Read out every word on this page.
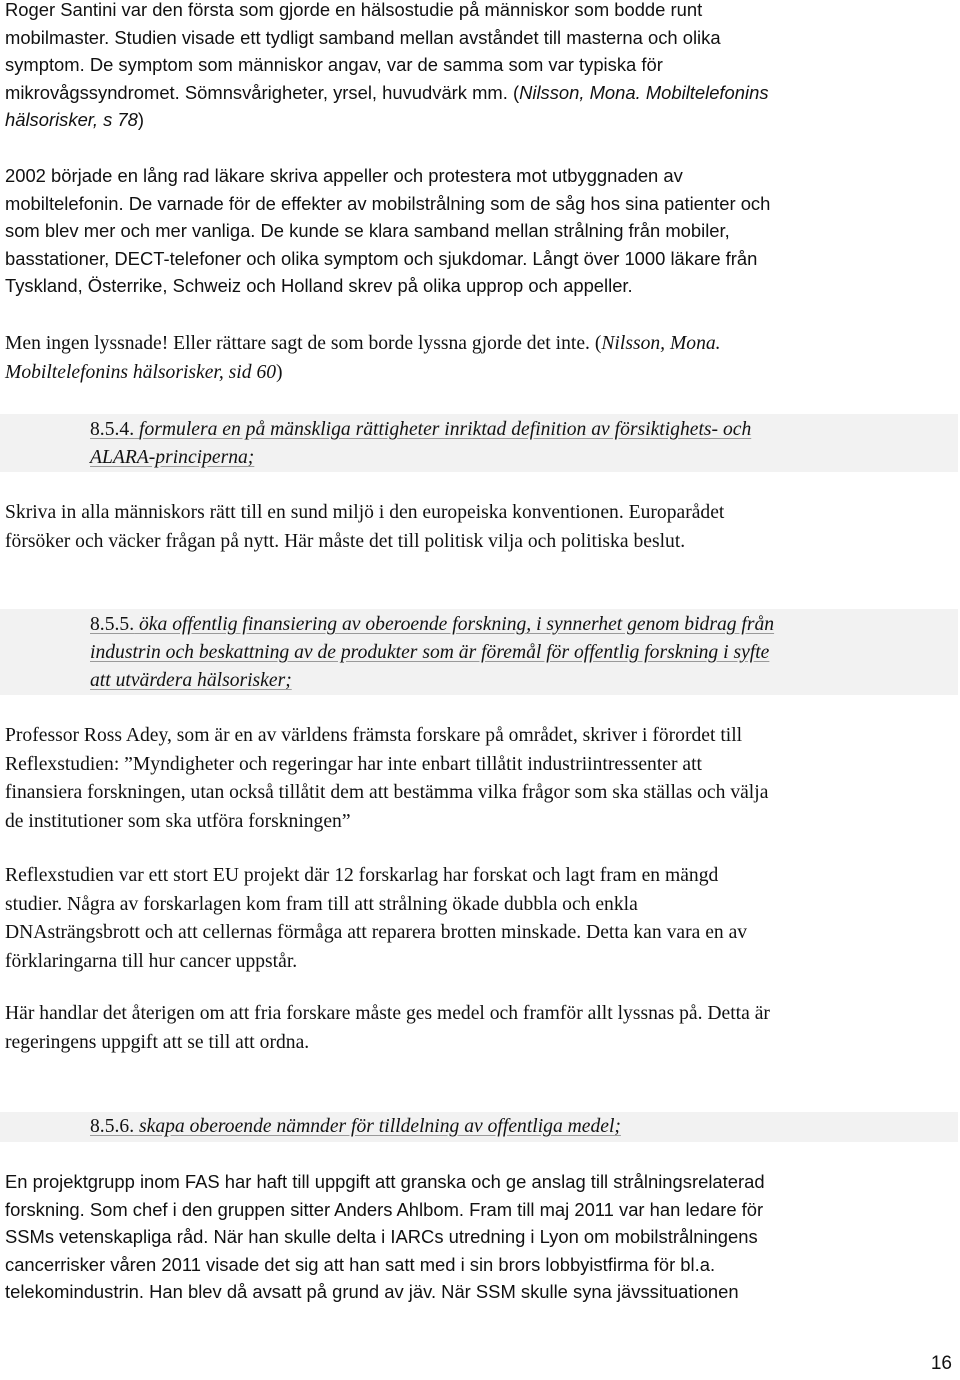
Roger Santini var den första som gjorde en hälsostudie på människor som bodde runt
mobilmaster. Studien visade ett tydligt samband mellan avståndet till masterna och olika
symptom. De symptom som människor angav, var de samma som var typiska för
mikrovågssyndromet. Sömnsvårigheter, yrsel, huvudvärk mm. (Nilsson, Mona. Mobiltelefonins
hälsorisker, s 78)
2002 började en lång rad läkare skriva appeller och protestera mot utbyggnaden av
mobiltelefonin. De varnade för de effekter av mobilstrålning som de såg hos sina patienter och
som blev mer och mer vanliga. De kunde se klara samband mellan strålning från mobiler,
basstationer, DECT-telefoner och olika symptom och sjukdomar. Långt över 1000 läkare från
Tyskland, Österrike, Schweiz och Holland skrev på olika upprop och appeller.
Men ingen lyssnade! Eller rättare sagt de som borde lyssna gjorde det inte. (Nilsson, Mona.
Mobiltelefonins hälsorisker, sid 60)
8.5.4. formulera en på mänskliga rättigheter inriktad definition av försiktighets- och
ALARA-principerna;
Skriva in alla människors rätt till en sund miljö i den europeiska konventionen. Europarådet
försöker och väcker frågan på nytt. Här måste det till politisk vilja och politiska beslut.
8.5.5. öka offentlig finansiering av oberoende forskning, i synnerhet genom bidrag från
industrin och beskattning av de produkter som är föremål för offentlig forskning i syfte
att utvärdera hälsorisker;
Professor Ross Adey, som är en av världens främsta forskare på området, skriver i förordet till
Reflexstudien: ”Myndigheter och regeringar har inte enbart tillåtit industriintressenter att
finansiera forskningen, utan också tillåtit dem att bestämma vilka frågor som ska ställas och välja
de institutioner som ska utföra forskningen”
Reflexstudien var ett stort EU projekt där 12 forskarlag har forskat och lagt fram en mängd
studier. Några av forskarlagen kom fram till att strålning ökade dubbla och enkla
DNAsträngsbrott och att cellernas förmåga att reparera brotten minskade. Detta kan vara en av
förklaringarna till hur cancer uppstår.
Här handlar det återigen om att fria forskare måste ges medel och framför allt lyssnas på. Detta är
regeringens uppgift att se till att ordna.
8.5.6. skapa oberoende nämnder för tilldelning av offentliga medel;
En projektgrupp inom FAS har haft till uppgift att granska och ge anslag till strålningsrelaterad
forskning. Som chef i den gruppen sitter Anders Ahlbom. Fram till maj 2011 var han ledare för
SSMs vetenskapliga råd. När han skulle delta i IARCs utredning i Lyon om mobilstrålningens
cancerrisker våren 2011 visade det sig att han satt med i sin brors lobbyistfirma för bl.a.
telekomindustrin. Han blev då avsatt på grund av jäv. När SSM skulle syna jävssituationen
16
